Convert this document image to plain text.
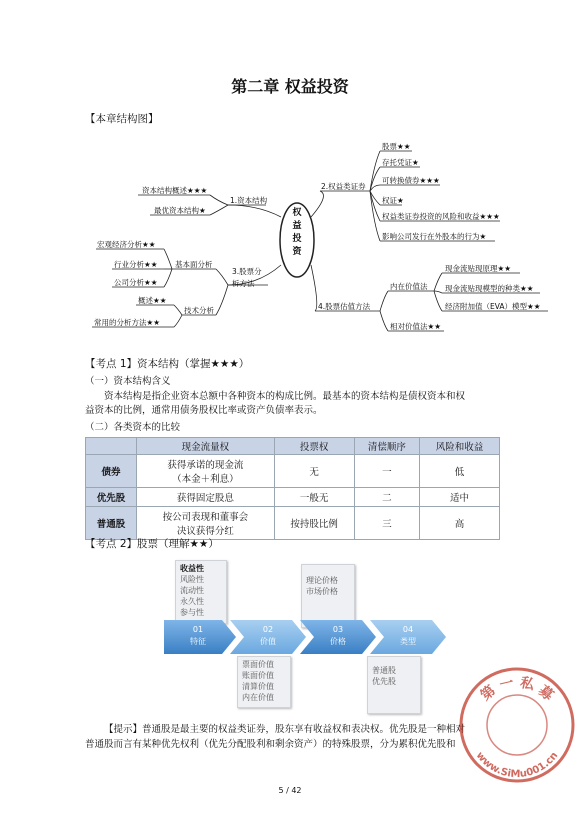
第二章 权益投资
【本章结构图】
权
益
投
资
1.资本结构
资本结构概述★★★
最优资本结构★
2.权益类证券
股票★★
存托凭证★
可转换债券★★★
权证★
权益类证券投资的风险和收益★★★
影响公司发行在外股本的行为★
3.股票分
析方法
基本面分析
宏观经济分析★★
行业分析★★
公司分析★★
技术分析
概述★★
常用的分析方法★★
4.股票估值方法
内在价值法
现金流贴现原理★★
现金流贴现模型的种类★★
经济附加值（EVA）模型★★
相对价值法★★
【考点 1】资本结构（掌握★★★）
（一）资本结构含义
资本结构是指企业资本总额中各种资本的构成比例。最基本的资本结构是债权资本和权
益资本的比例，通常用债务股权比率或资产负债率表示。
（二）各类资本的比较
	现金流量权	投票权	清偿顺序	风险和收益
债券	获得承诺的现金流
（本金＋利息）	无	一	低
优先股	获得固定股息	一般无	二	适中
普通股	按公司表现和董事会
决议获得分红	按持股比例	三	高
【考点 2】股票（理解★★）
收益性
风险性
流动性
永久性
参与性
理论价格
市场价格
01
特征
02
价值
03
价格
04
类型
票面价值
账面价值
清算价值
内在价值
普通股
优先股
【提示】普通股是最主要的权益类证券，股东享有收益权和表决权。优先股是一种相对
普通股而言有某种优先权利（优先分配股利和剩余资产）的特殊股票，分为累积优先股和
5 / 42
第 一 私 募
www.SiMu001.cn
